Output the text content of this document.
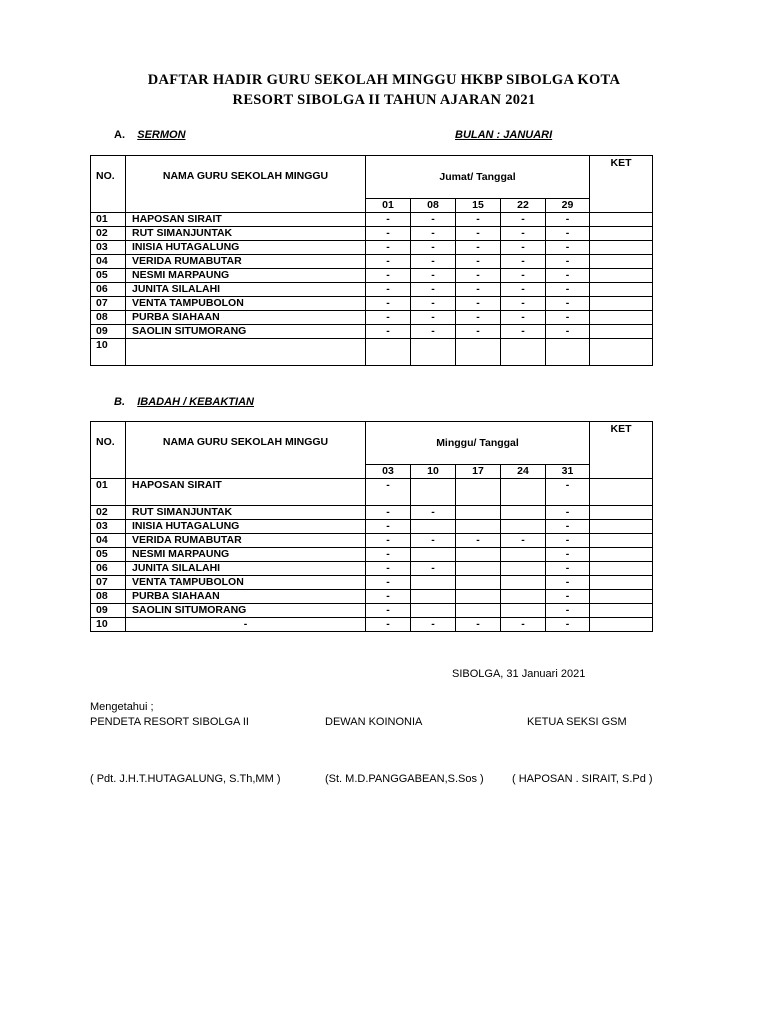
DAFTAR HADIR GURU SEKOLAH MINGGU HKBP SIBOLGA KOTA
RESORT SIBOLGA II TAHUN AJARAN 2021
A. SERMON	BULAN : JANUARI
NO.	NAMA GURU SEKOLAH MINGGU	Jumat/ Tanggal					KET
		01	08	15	22	29	
01	HAPOSAN SIRAIT	-	-	-	-	-	
02	RUT SIMANJUNTAK	-	-	-	-	-	
03	INISIA HUTAGALUNG	-	-	-	-	-	
04	VERIDA RUMABUTAR	-	-	-	-	-	
05	NESMI MARPAUNG	-	-	-	-	-	
06	JUNITA SILALAHI	-	-	-	-	-	
07	VENTA TAMPUBOLON	-	-	-	-	-	
08	PURBA SIAHAAN	-	-	-	-	-	
09	SAOLIN SITUMORANG	-	-	-	-	-	
10							
B. IBADAH / KEBAKTIAN
NO.	NAMA GURU SEKOLAH MINGGU	Minggu/ Tanggal					KET
		03	10	17	24	31	
01	HAPOSAN SIRAIT	-				-	
02	RUT SIMANJUNTAK	-	-			-	
03	INISIA HUTAGALUNG	-				-	
04	VERIDA RUMABUTAR	-	-	-	-	-	
05	NESMI MARPAUNG	-				-	
06	JUNITA SILALAHI	-	-			-	
07	VENTA TAMPUBOLON	-				-	
08	PURBA SIAHAAN	-				-	
09	SAOLIN SITUMORANG	-				-	
10	-	-	-	-	-	-	
SIBOLGA, 31 Januari 2021
Mengetahui ;
PENDETA RESORT SIBOLGA II	DEWAN KOINONIA	KETUA SEKSI GSM
( Pdt. J.H.T.HUTAGALUNG, S.Th,MM )	(St. M.D.PANGGABEAN,S.Sos )	( HAPOSAN . SIRAIT, S.Pd )
